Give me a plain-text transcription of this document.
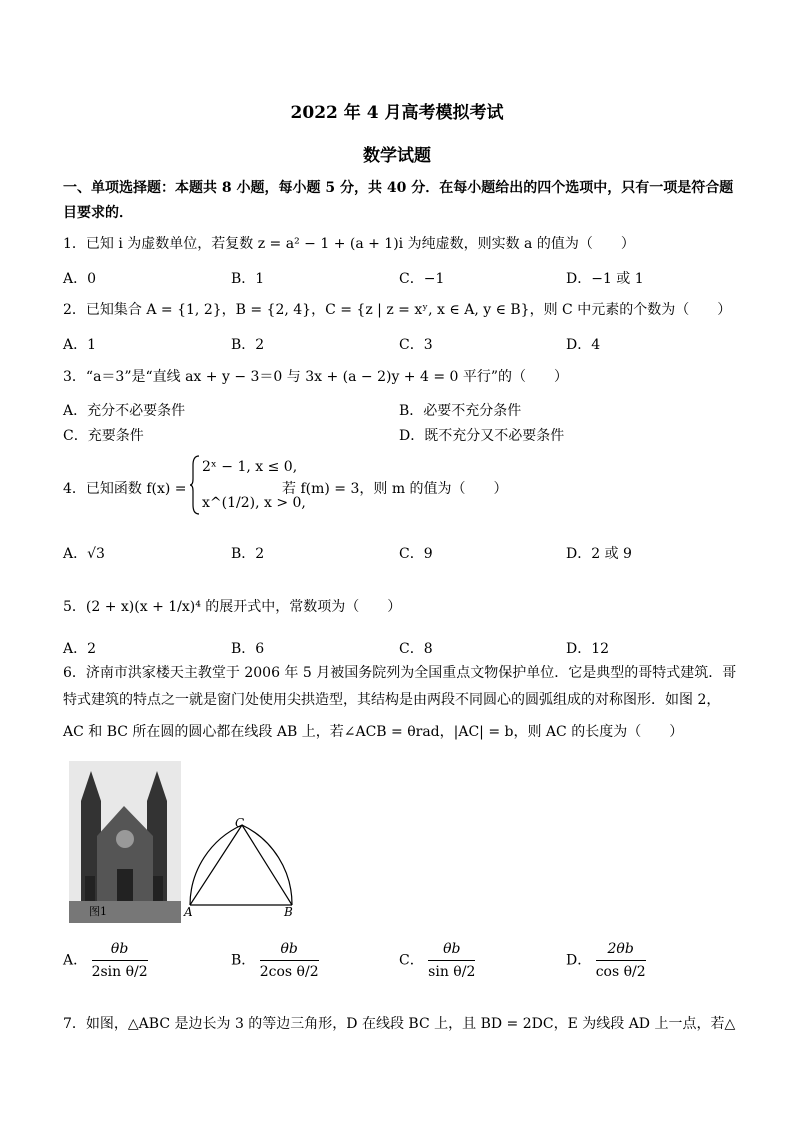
2022 年 4 月高考模拟考试
数学试题
一、单项选择题：本题共 8 小题，每小题 5 分，共 40 分．在每小题给出的四个选项中，只有一项是符合题
目要求的．
1．已知 i 为虚数单位，若复数 z = a² − 1 + (a + 1)i 为纯虚数，则实数 a 的值为（　　）
A．0	B．1	C．−1	D．−1 或 1
2．已知集合 A = {1, 2}，B = {2, 4}，C = {z | z = xʸ, x ∈ A, y ∈ B}，则 C 中元素的个数为（　　）
A．1	B．2	C．3	D．4
3．“a＝3”是“直线 ax + y − 3＝0 与 3x + (a − 2)y + 4 = 0 平行”的（　　）
A．充分不必要条件	B．必要不充分条件
C．充要条件	D．既不充分又不必要条件
4．已知函数 f(x) =
2ˣ − 1, x ≤ 0,
x^(1/2), x > 0,
若 f(m) = 3，则 m 的值为（　　）
A．√3	B．2	C．9	D．2 或 9
5．(2 + x)(x + 1/x)⁴ 的展开式中，常数项为（　　）
A．2	B．6	C．8	D．12
6．济南市洪家楼天主教堂于 2006 年 5 月被国务院列为全国重点文物保护单位．它是典型的哥特式建筑．哥
特式建筑的特点之一就是窗门处使用尖拱造型，其结构是由两段不同圆心的圆弧组成的对称图形．如图 2，
AC 和 BC 所在圆的圆心都在线段 AB 上，若∠ACB = θrad，|AC| = b，则 AC 的长度为（　　）
图1
C
A	B
A． $\frac{\theta b}{\text{2sin θ/2}}$	B． $\frac{\theta b}{\text{2cos θ/2}}$	C． $\frac{\theta b}{\text{sin θ/2}}$	D． $\frac{2\theta b}{\text{cos θ/2}}$
7．如图，△ABC 是边长为 3 的等边三角形，D 在线段 BC 上，且 BD = 2DC，E 为线段 AD 上一点，若△
